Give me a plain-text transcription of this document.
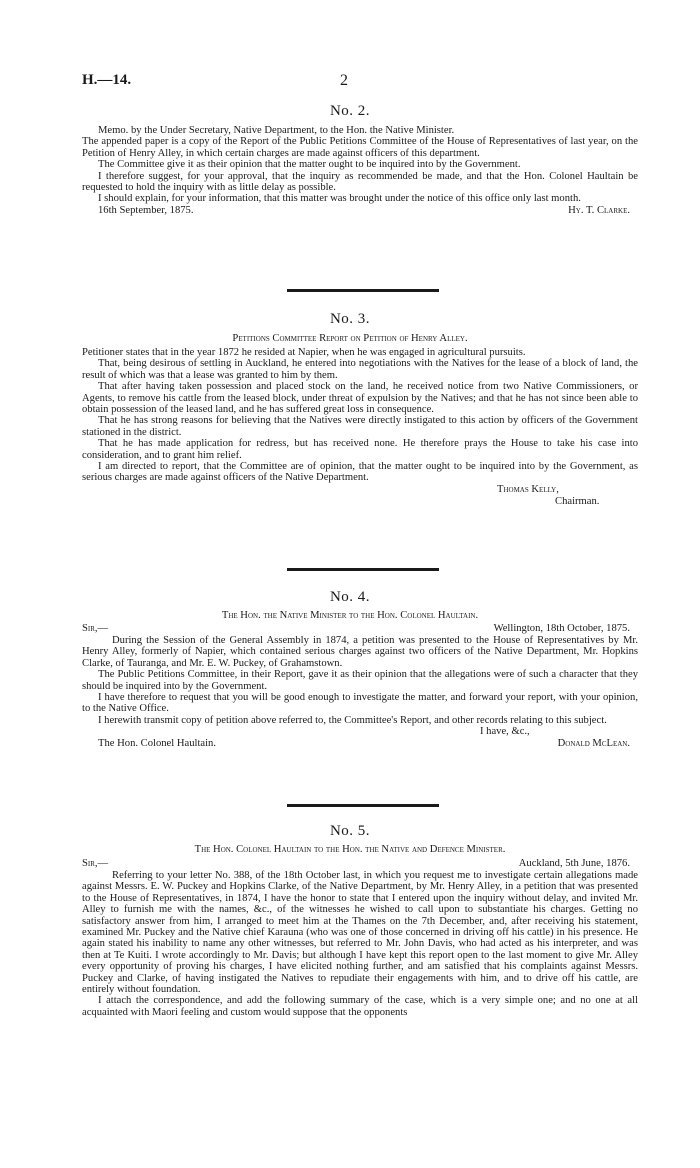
H.—14.	2
No. 2.

Memo. by the Under Secretary, Native Department, to the Hon. the Native Minister.

The appended paper is a copy of the Report of the Public Petitions Committee of the House of Representatives of last year, on the Petition of Henry Alley, in which certain charges are made against officers of this department.

The Committee give it as their opinion that the matter ought to be inquired into by the Government.

I therefore suggest, for your approval, that the inquiry as recommended be made, and that the Hon. Colonel Haultain be requested to hold the inquiry with as little delay as possible.

I should explain, for your information, that this matter was brought under the notice of this office only last month.

16th September, 1875.	Hy. T. Clarke.
No. 3.
Petitions Committee Report on Petition of Henry Alley.

Petitioner states that in the year 1872 he resided at Napier, when he was engaged in agricultural pursuits.

That, being desirous of settling in Auckland, he entered into negotiations with the Natives for the lease of a block of land, the result of which was that a lease was granted to him by them.

That after having taken possession and placed stock on the land, he received notice from two Native Commissioners, or Agents, to remove his cattle from the leased block, under threat of expulsion by the Natives; and that he has not since been able to obtain possession of the leased land, and he has suffered great loss in consequence.

That he has strong reasons for believing that the Natives were directly instigated to this action by officers of the Government stationed in the district.

That he has made application for redress, but has received none. He therefore prays the House to take his case into consideration, and to grant him relief.

I am directed to report, that the Committee are of opinion, that the matter ought to be inquired into by the Government, as serious charges are made against officers of the Native Department.

Thomas Kelly,
Chairman.
No. 4.
The Hon. the Native Minister to the Hon. Colonel Haultain.
Sir,—	Wellington, 18th October, 1875.

During the Session of the General Assembly in 1874, a petition was presented to the House of Representatives by Mr. Henry Alley, formerly of Napier, which contained serious charges against two officers of the Native Department, Mr. Hopkins Clarke, of Tauranga, and Mr. E. W. Puckey, of Grahamstown.

The Public Petitions Committee, in their Report, gave it as their opinion that the allegations were of such a character that they should be inquired into by the Government.

I have therefore to request that you will be good enough to investigate the matter, and forward your report, with your opinion, to the Native Office.

I herewith transmit copy of petition above referred to, the Committee's Report, and other records relating to this subject.

I have, &c.,
The Hon. Colonel Haultain.	Donald McLean.
No. 5.
The Hon. Colonel Haultain to the Hon. the Native and Defence Minister.
Sir,—	Auckland, 5th June, 1876.

Referring to your letter No. 388, of the 18th October last, in which you request me to investigate certain allegations made against Messrs. E. W. Puckey and Hopkins Clarke, of the Native Department, by Mr. Henry Alley, in a petition that was presented to the House of Representatives, in 1874, I have the honor to state that I entered upon the inquiry without delay, and invited Mr. Alley to furnish me with the names, &c., of the witnesses he wished to call upon to substantiate his charges. Getting no satisfactory answer from him, I arranged to meet him at the Thames on the 7th December, and, after receiving his statement, examined Mr. Puckey and the Native chief Karauna (who was one of those concerned in driving off his cattle) in his presence. He again stated his inability to name any other witnesses, but referred to Mr. John Davis, who had acted as his interpreter, and was then at Te Kuiti. I wrote accordingly to Mr. Davis; but although I have kept this report open to the last moment to give Mr. Alley every opportunity of proving his charges, I have elicited nothing further, and am satisfied that his complaints against Messrs. Puckey and Clarke, of having instigated the Natives to repudiate their engagements with him, and to drive off his cattle, are entirely without foundation.

I attach the correspondence, and add the following summary of the case, which is a very simple one; and no one at all acquainted with Maori feeling and custom would suppose that the opponents
